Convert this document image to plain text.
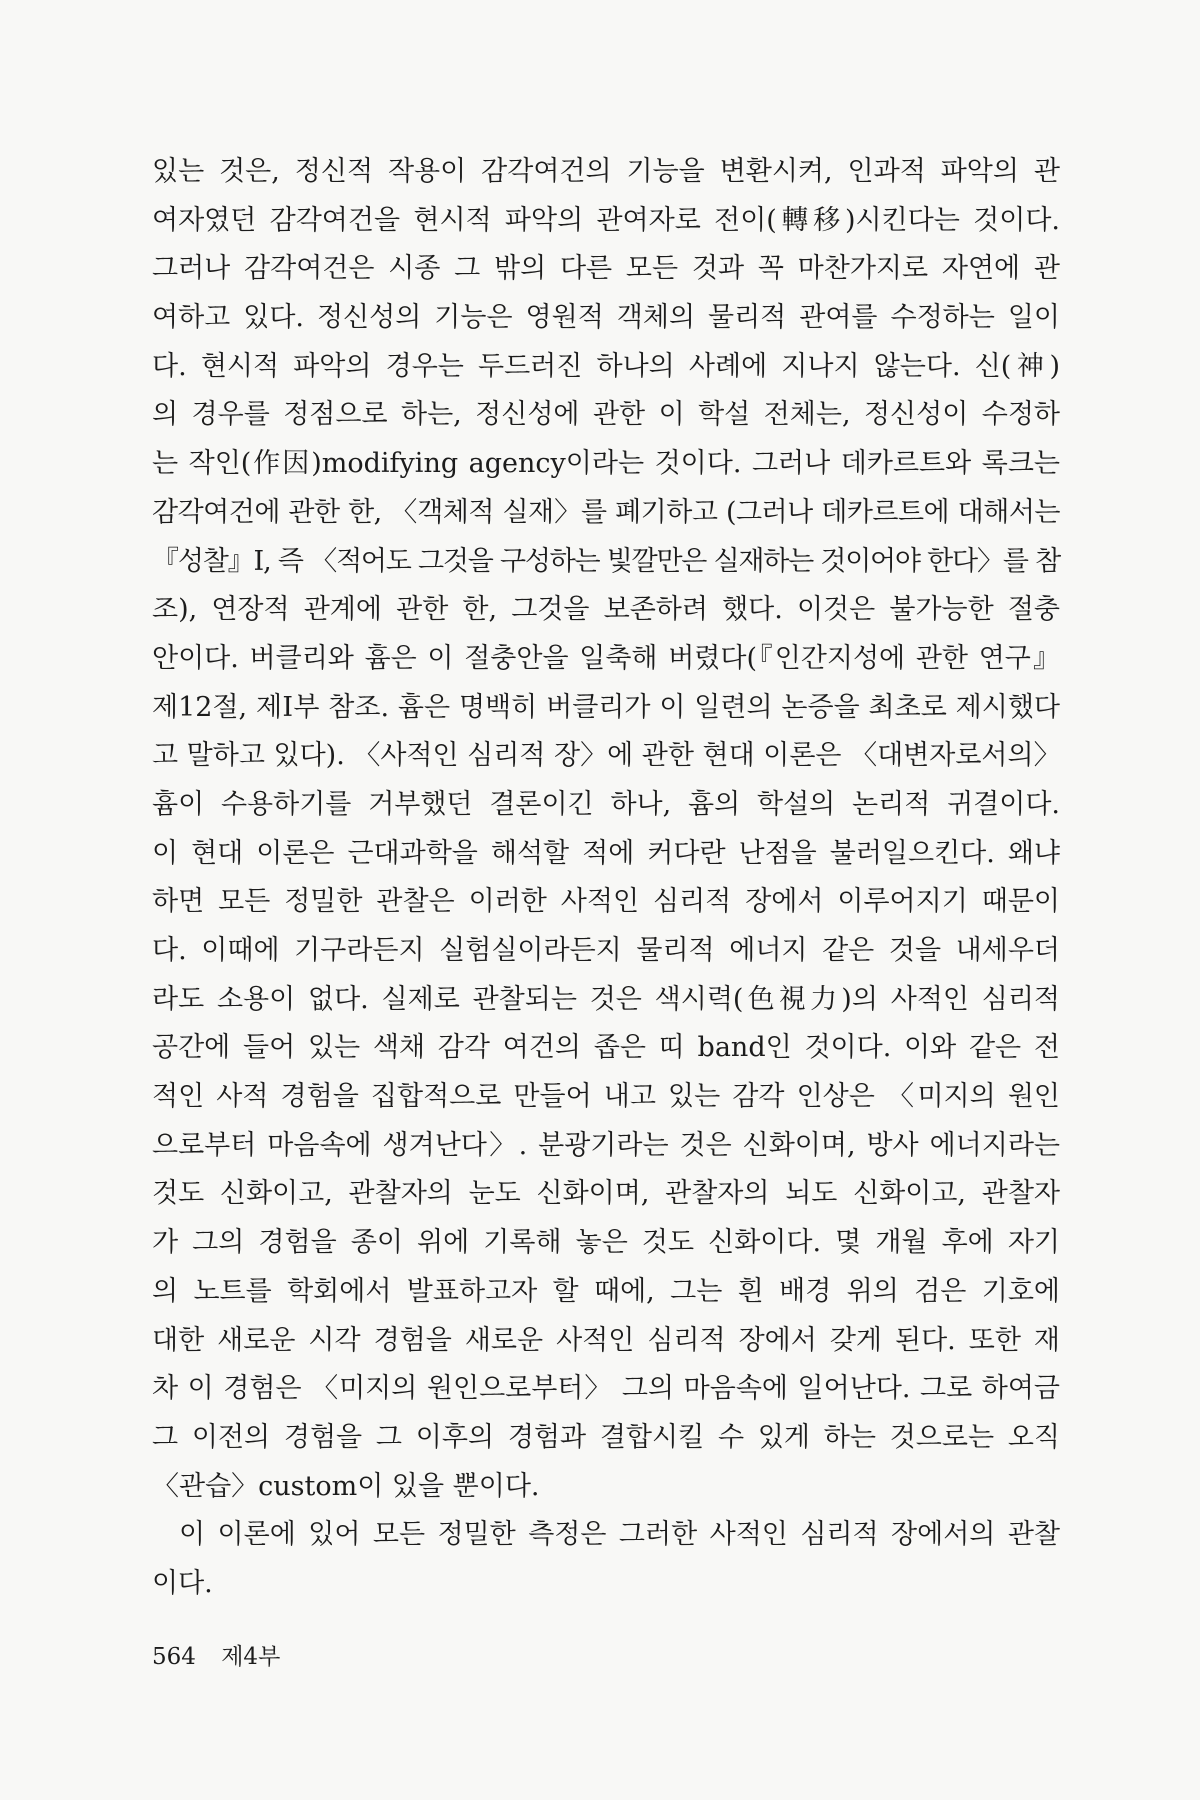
있는 것은, 정신적 작용이 감각여건의 기능을 변환시켜, 인과적 파악의 관
여자였던 감각여건을 현시적 파악의 관여자로 전이(轉移)시킨다는 것이다.
그러나 감각여건은 시종 그 밖의 다른 모든 것과 꼭 마찬가지로 자연에 관
여하고 있다. 정신성의 기능은 영원적 객체의 물리적 관여를 수정하는 일이
다. 현시적 파악의 경우는 두드러진 하나의 사례에 지나지 않는다. 신(神)
의 경우를 정점으로 하는, 정신성에 관한 이 학설 전체는, 정신성이 수정하
는 작인(作因)modifying agency이라는 것이다. 그러나 데카르트와 록크는
감각여건에 관한 한, 〈객체적 실재〉를 폐기하고 (그러나 데카르트에 대해서는
『성찰』Ⅰ, 즉 〈적어도 그것을 구성하는 빛깔만은 실재하는 것이어야 한다〉를 참
조), 연장적 관계에 관한 한, 그것을 보존하려 했다. 이것은 불가능한 절충
안이다. 버클리와 흄은 이 절충안을 일축해 버렸다(『인간지성에 관한 연구』
제12절, 제Ⅰ부 참조. 흄은 명백히 버클리가 이 일련의 논증을 최초로 제시했다
고 말하고 있다). 〈사적인 심리적 장〉에 관한 현대 이론은 〈대변자로서의〉
흄이 수용하기를 거부했던 결론이긴 하나, 흄의 학설의 논리적 귀결이다.
이 현대 이론은 근대과학을 해석할 적에 커다란 난점을 불러일으킨다. 왜냐
하면 모든 정밀한 관찰은 이러한 사적인 심리적 장에서 이루어지기 때문이
다. 이때에 기구라든지 실험실이라든지 물리적 에너지 같은 것을 내세우더
라도 소용이 없다. 실제로 관찰되는 것은 색시력(色視力)의 사적인 심리적
공간에 들어 있는 색채 감각 여건의 좁은 띠 band인 것이다. 이와 같은 전
적인 사적 경험을 집합적으로 만들어 내고 있는 감각 인상은 〈미지의 원인
으로부터 마음속에 생겨난다〉. 분광기라는 것은 신화이며, 방사 에너지라는
것도 신화이고, 관찰자의 눈도 신화이며, 관찰자의 뇌도 신화이고, 관찰자
가 그의 경험을 종이 위에 기록해 놓은 것도 신화이다. 몇 개월 후에 자기
의 노트를 학회에서 발표하고자 할 때에, 그는 흰 배경 위의 검은 기호에
대한 새로운 시각 경험을 새로운 사적인 심리적 장에서 갖게 된다. 또한 재
차 이 경험은 〈미지의 원인으로부터〉 그의 마음속에 일어난다. 그로 하여금
그 이전의 경험을 그 이후의 경험과 결합시킬 수 있게 하는 것으로는 오직
〈관습〉custom이 있을 뿐이다.
이 이론에 있어 모든 정밀한 측정은 그러한 사적인 심리적 장에서의 관찰
이다.
564 제4부
